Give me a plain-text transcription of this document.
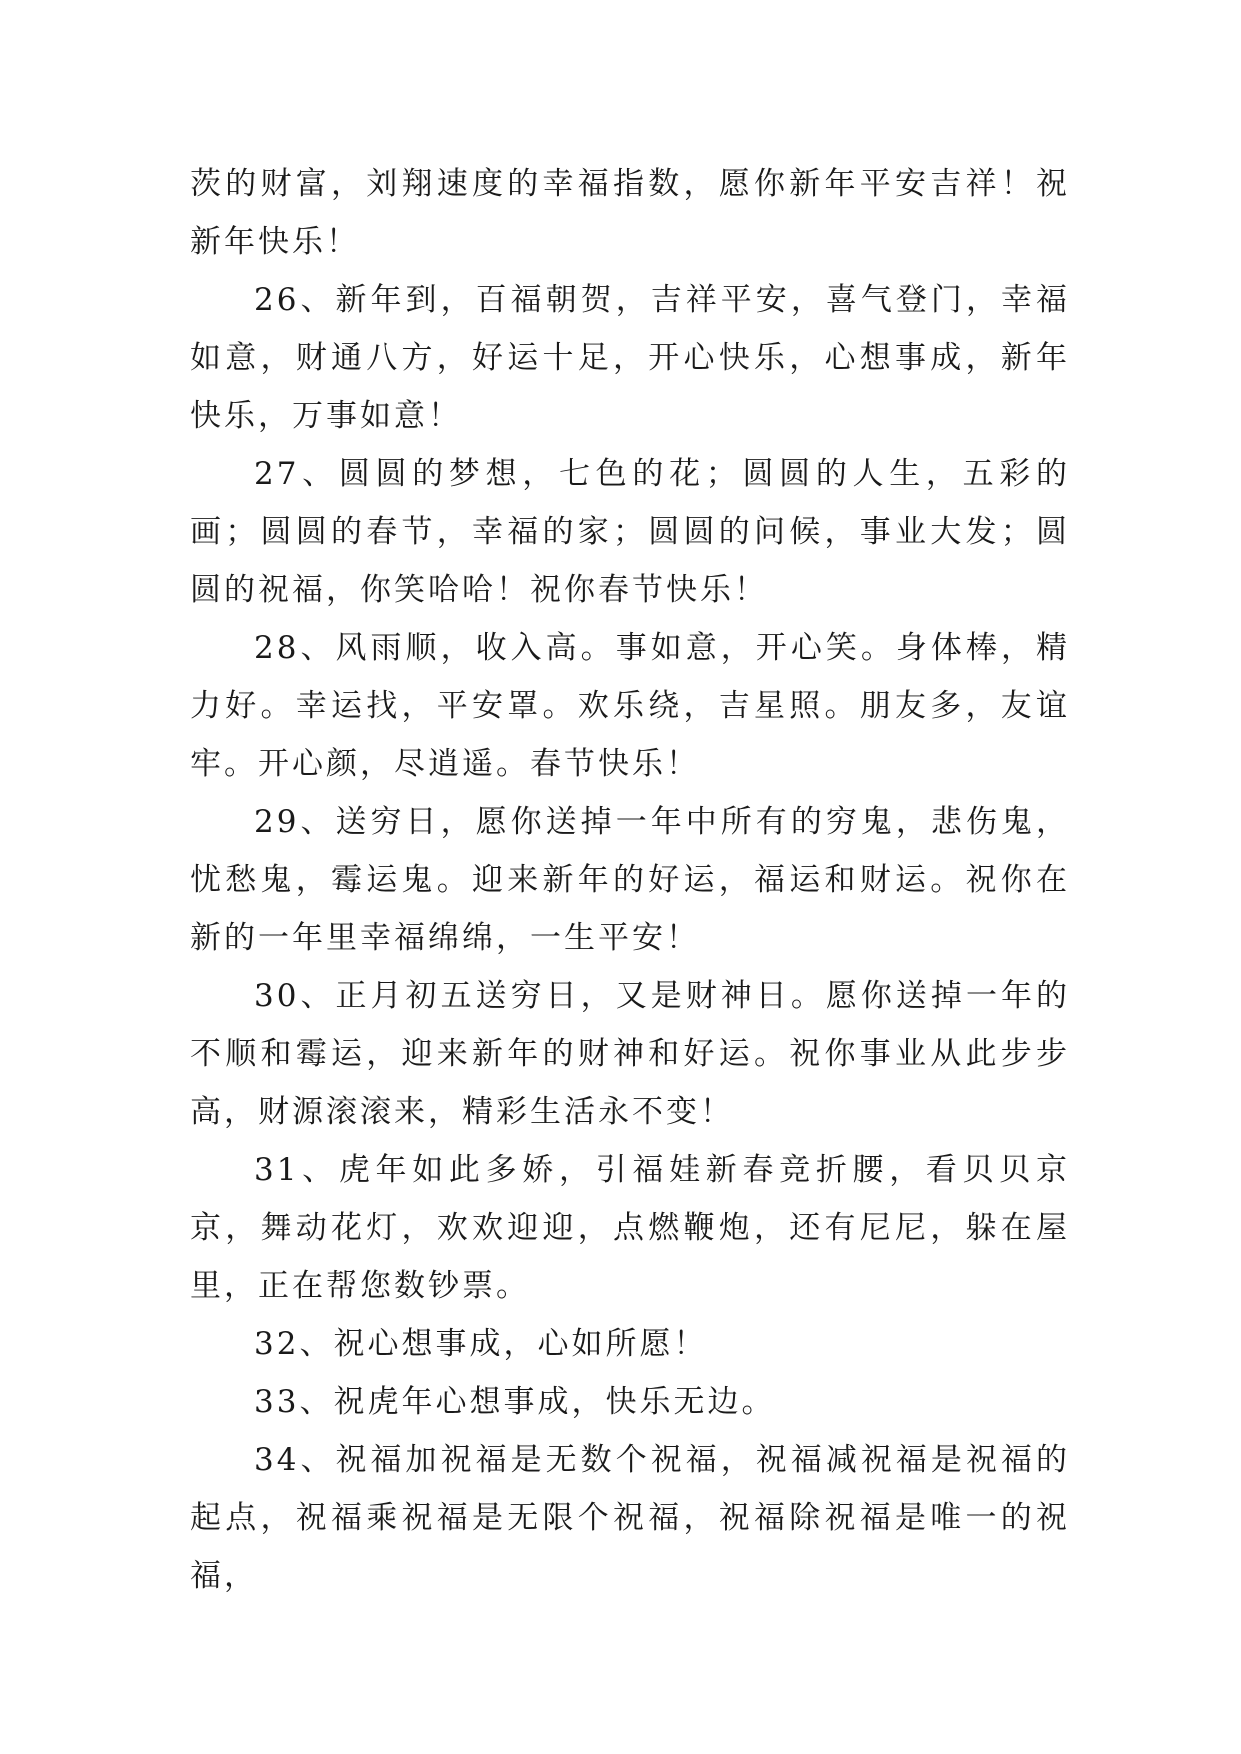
茨的财富，刘翔速度的幸福指数，愿你新年平安吉祥！祝新年快乐！

26、新年到，百福朝贺，吉祥平安，喜气登门，幸福如意，财通八方，好运十足，开心快乐，心想事成，新年快乐，万事如意！

27、圆圆的梦想，七色的花；圆圆的人生，五彩的画；圆圆的春节，幸福的家；圆圆的问候，事业大发；圆圆的祝福，你笑哈哈！祝你春节快乐！

28、风雨顺，收入高。事如意，开心笑。身体棒，精力好。幸运找，平安罩。欢乐绕，吉星照。朋友多，友谊牢。开心颜，尽逍遥。春节快乐！

29、送穷日，愿你送掉一年中所有的穷鬼，悲伤鬼，忧愁鬼，霉运鬼。迎来新年的好运，福运和财运。祝你在新的一年里幸福绵绵，一生平安！

30、正月初五送穷日，又是财神日。愿你送掉一年的不顺和霉运，迎来新年的财神和好运。祝你事业从此步步高，财源滚滚来，精彩生活永不变！

31、虎年如此多娇，引福娃新春竞折腰，看贝贝京京，舞动花灯，欢欢迎迎，点燃鞭炮，还有尼尼，躲在屋里，正在帮您数钞票。

32、祝心想事成，心如所愿！

33、祝虎年心想事成，快乐无边。

34、祝福加祝福是无数个祝福，祝福减祝福是祝福的起点，祝福乘祝福是无限个祝福，祝福除祝福是唯一的祝福，
